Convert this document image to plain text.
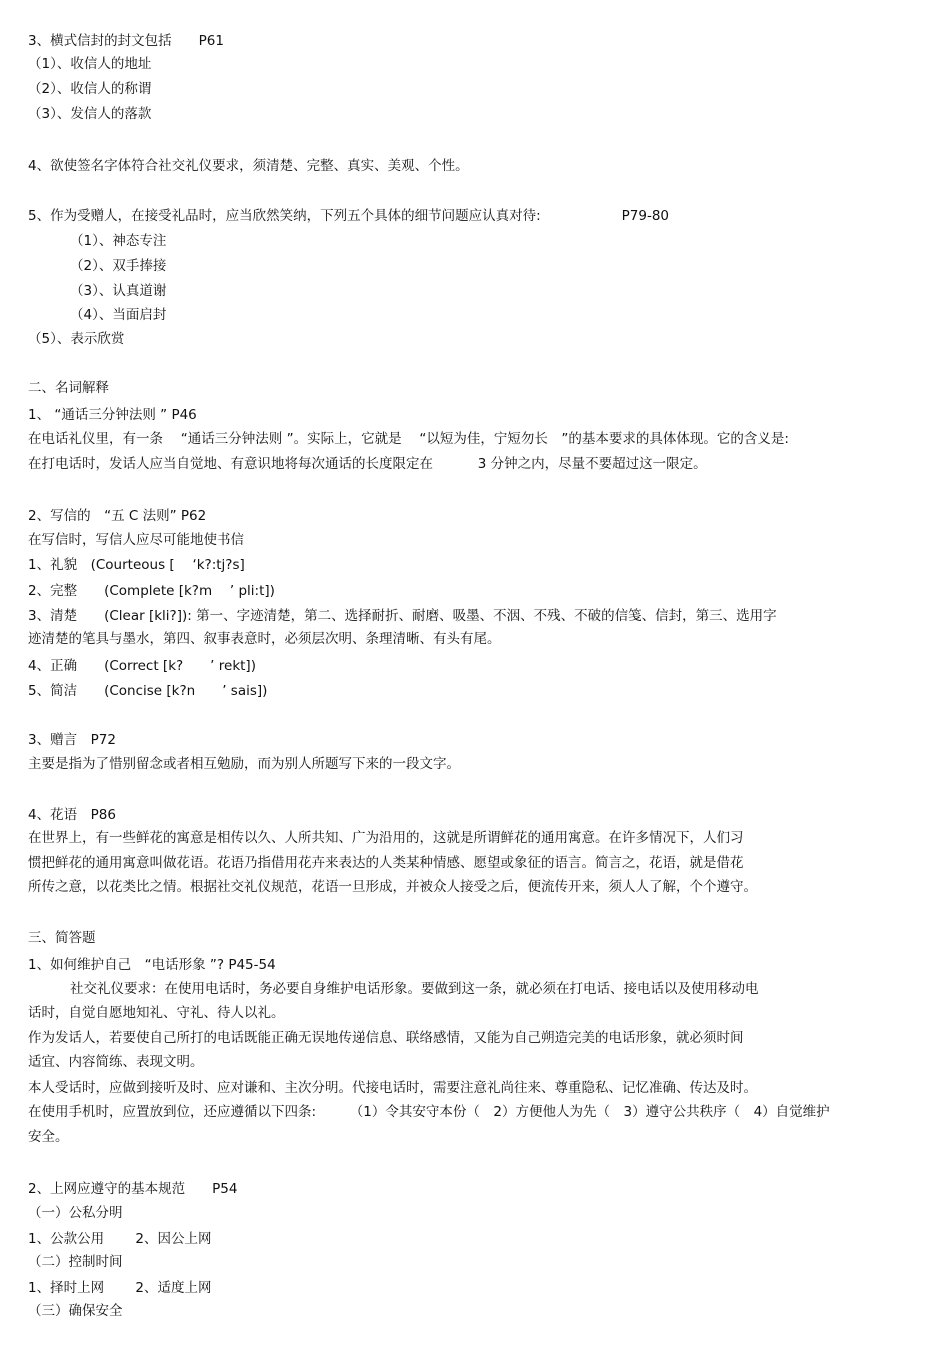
3、横式信封的封文包括　　P61

（1）、收信人的地址

（2）、收信人的称谓

（3）、发信人的落款

4、欲使签名字体符合社交礼仪要求，须清楚、完整、真实、美观、个性。

5、作为受赠人，在接受礼品时，应当欣然笑纳，下列五个具体的细节问题应认真对待:　　　　　　P79-80

（1）、神态专注

（2）、双手捧接

（3）、认真道谢

（4）、当面启封

（5）、表示欣赏

二、名词解释

1、 “通话三分钟法则 ” P46

在电话礼仪里，有一条　 “通话三分钟法则 ”。实际上，它就是　 “以短为佳，宁短勿长　”的基本要求的具体体现。它的含义是:

在打电话时，发话人应当自觉地、有意识地将每次通话的长度限定在　　　 3 分钟之内，尽量不要超过这一限定。

2、写信的　“五 C 法则” P62

在写信时，写信人应尽可能地使书信

1、礼貌　(Courteous [　 ‘k?:tj?s]

2、完整　　(Complete [k?m　 ’ pli:t])

3、清楚　　(Clear [kli?]): 第一、字迹清楚，第二、选择耐折、耐磨、吸墨、不洇、不残、不破的信笺、信封，第三、选用字

迹清楚的笔具与墨水，第四、叙事表意时，必须层次明、条理清晰、有头有尾。

4、正确　　(Correct [k?　　’ rekt])

5、简洁　　(Concise [k?n　　’ sais])

3、赠言　P72

主要是指为了惜别留念或者相互勉励，而为别人所题写下来的一段文字。

4、花语　P86

在世界上，有一些鲜花的寓意是相传以久、人所共知、广为沿用的，这就是所谓鲜花的通用寓意。在许多情况下，人们习

惯把鲜花的通用寓意叫做花语。花语乃指借用花卉来表达的人类某种情感、愿望或象征的语言。简言之，花语，就是借花

所传之意，以花类比之情。根据社交礼仪规范，花语一旦形成，并被众人接受之后，便流传开来，须人人了解，个个遵守。

三、简答题

1、如何维护自己　“电话形象 ”? P45-54

社交礼仪要求：在使用电话时，务必要自身维护电话形象。要做到这一条，就必须在打电话、接电话以及使用移动电

话时，自觉自愿地知礼、守礼、待人以礼。

作为发话人，若要使自己所打的电话既能正确无误地传递信息、联络感情，又能为自己朔造完美的电话形象，就必须时间

适宜、内容简练、表现文明。

本人受话时，应做到接听及时、应对谦和、主次分明。代接电话时，需要注意礼尚往来、尊重隐私、记忆准确、传达及时。

在使用手机时，应置放到位，还应遵循以下四条:　　　（1）令其安守本份（　2）方便他人为先（　3）遵守公共秩序（　4）自觉维护

安全。

2、上网应遵守的基本规范　　P54

（一）公私分明

1、公款公用　　 2、因公上网

（二）控制时间

1、择时上网　　 2、适度上网

（三）确保安全
